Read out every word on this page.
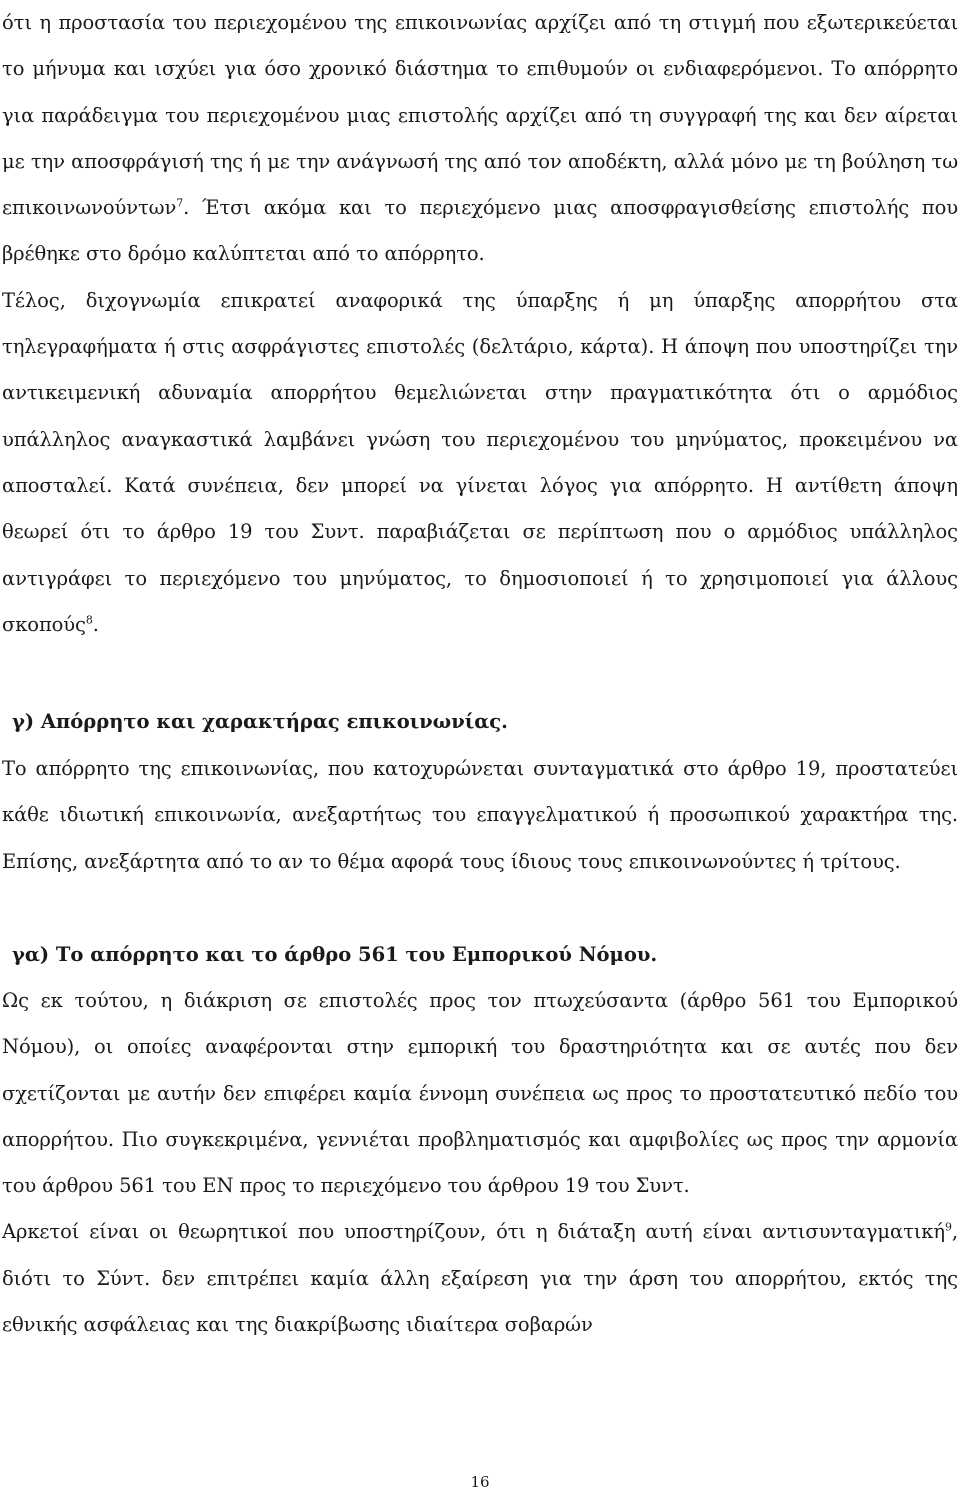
ότι η προστασία του περιεχομένου της επικοινωνίας αρχίζει από τη στιγμή που εξωτερικεύεται το μήνυμα και ισχύει για όσο χρονικό διάστημα το επιθυμούν οι ενδιαφερόμενοι. Το απόρρητο για παράδειγμα του περιεχομένου μιας επιστολής αρχίζει από τη συγγραφή της και δεν αίρεται με την αποσφράγισή της ή με την ανάγνωσή της από τον αποδέκτη, αλλά μόνο με τη βούληση τω επικοινωνούντων$^7$. Έτσι ακόμα και το περιεχόμενο μιας αποσφραγισθείσης επιστολής που βρέθηκε στο δρόμο καλύπτεται από το απόρρητο.

Τέλος, διχογνωμία επικρατεί αναφορικά της ύπαρξης ή μη ύπαρξης απορρήτου στα τηλεγραφήματα ή στις ασφράγιστες επιστολές (δελτάριο, κάρτα). Η άποψη που υποστηρίζει την αντικειμενική αδυναμία απορρήτου θεμελιώνεται στην πραγματικότητα ότι ο αρμόδιος υπάλληλος αναγκαστικά λαμβάνει γνώση του περιεχομένου του μηνύματος, προκειμένου να αποσταλεί. Κατά συνέπεια, δεν μπορεί να γίνεται λόγος για απόρρητο. Η αντίθετη άποψη θεωρεί ότι το άρθρο 19 του Συντ. παραβιάζεται σε περίπτωση που ο αρμόδιος υπάλληλος αντιγράφει το περιεχόμενο του μηνύματος, το δημοσιοποιεί ή το χρησιμοποιεί για άλλους σκοπούς$^8$.

γ) Απόρρητο και χαρακτήρας επικοινωνίας.

Το απόρρητο της επικοινωνίας, που κατοχυρώνεται συνταγματικά στο άρθρο 19, προστατεύει κάθε ιδιωτική επικοινωνία, ανεξαρτήτως του επαγγελματικού ή προσωπικού χαρακτήρα της. Επίσης, ανεξάρτητα από το αν το θέμα αφορά τους ίδιους τους επικοινωνούντες ή τρίτους.

γα) Το απόρρητο και το άρθρο 561 του Εμπορικού Νόμου.

Ως εκ τούτου, η διάκριση σε επιστολές προς τον πτωχεύσαντα (άρθρο 561 του Εμπορικού Νόμου), οι οποίες αναφέρονται στην εμπορική του δραστηριότητα και σε αυτές που δεν σχετίζονται με αυτήν δεν επιφέρει καμία έννομη συνέπεια ως προς το προστατευτικό πεδίο του απορρήτου. Πιο συγκεκριμένα, γεννιέται προβληματισμός και αμφιβολίες ως προς την αρμονία του άρθρου 561 του ΕΝ προς το περιεχόμενο του άρθρου 19 του Συντ.

Αρκετοί είναι οι θεωρητικοί που υποστηρίζουν, ότι η διάταξη αυτή είναι αντισυνταγματική$^9$, διότι το Σύντ. δεν επιτρέπει καμία άλλη εξαίρεση για την άρση του απορρήτου, εκτός της εθνικής ασφάλειας και της διακρίβωσης ιδιαίτερα σοβαρών

16
